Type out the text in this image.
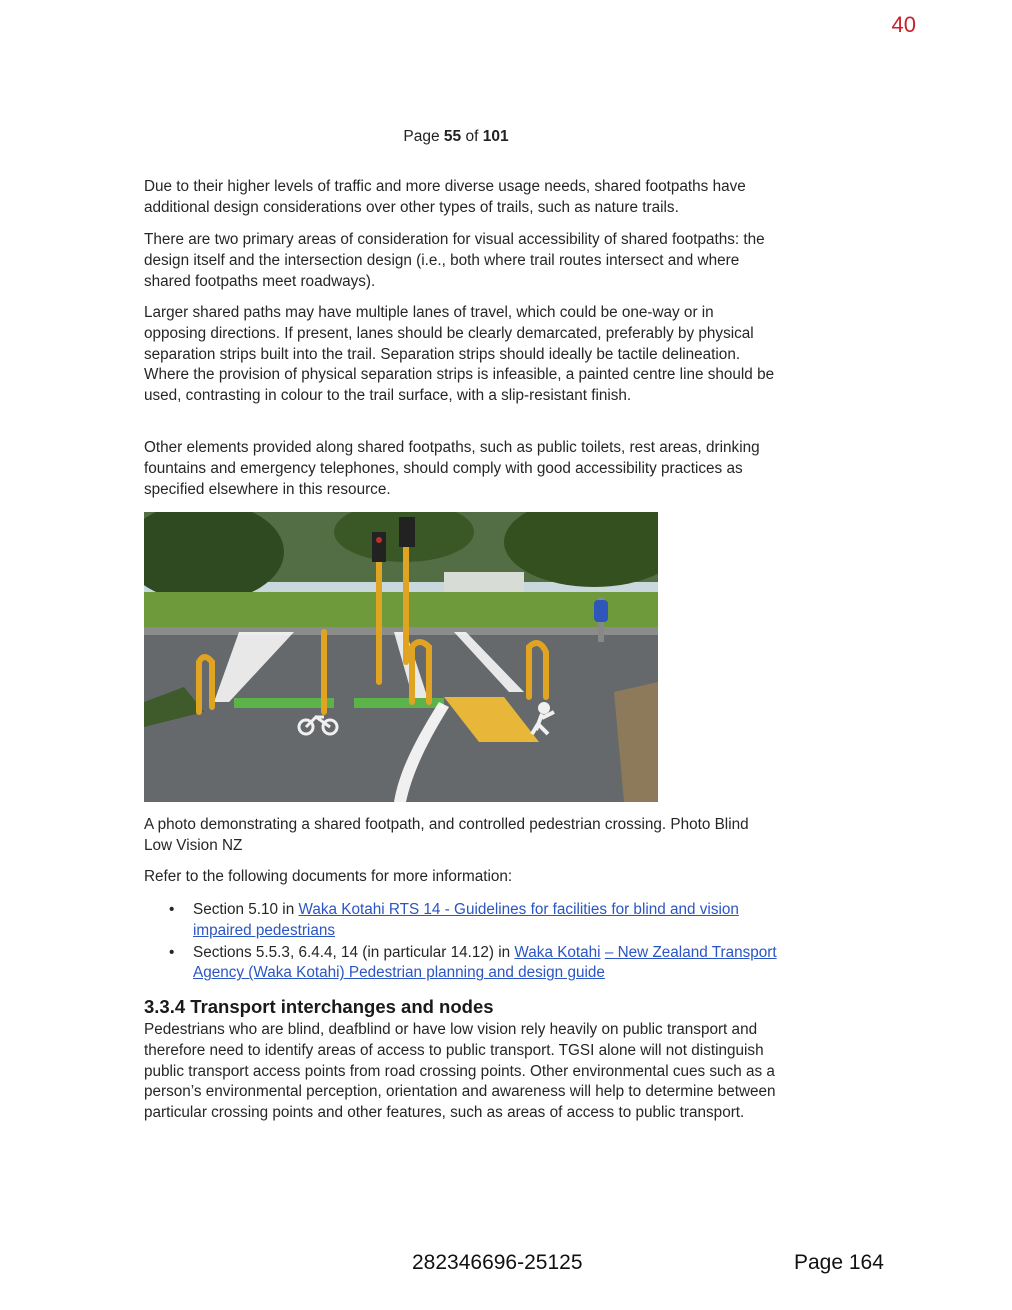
40
Page 55 of 101

Due to their higher levels of traffic and more diverse usage needs, shared footpaths have additional design considerations over other types of trails, such as nature trails.

There are two primary areas of consideration for visual accessibility of shared footpaths: the design itself and the intersection design (i.e., both where trail routes intersect and where shared footpaths meet roadways).

Larger shared paths may have multiple lanes of travel, which could be one-way or in opposing directions. If present, lanes should be clearly demarcated, preferably by physical separation strips built into the trail. Separation strips should ideally be tactile delineation. Where the provision of physical separation strips is infeasible, a painted centre line should be used, contrasting in colour to the trail surface, with a slip-resistant finish.

Other elements provided along shared footpaths, such as public toilets, rest areas, drinking fountains and emergency telephones, should comply with good accessibility practices as specified elsewhere in this resource.

A photo demonstrating a shared footpath, and controlled pedestrian crossing. Photo Blind Low Vision NZ
Refer to the following documents for more information:
• Section 5.10 in Waka Kotahi RTS 14 - Guidelines for facilities for blind and vision impaired pedestrians
• Sections 5.5.3, 6.4.4, 14 (in particular 14.12) in Waka Kotahi – New Zealand Transport Agency (Waka Kotahi) Pedestrian planning and design guide
3.3.4 Transport interchanges and nodes
Pedestrians who are blind, deafblind or have low vision rely heavily on public transport and therefore need to identify areas of access to public transport. TGSI alone will not distinguish public transport access points from road crossing points. Other environmental cues such as a person’s environmental perception, orientation and awareness will help to determine between particular crossing points and other features, such as areas of access to public transport.
282346696-25125	Page 164
